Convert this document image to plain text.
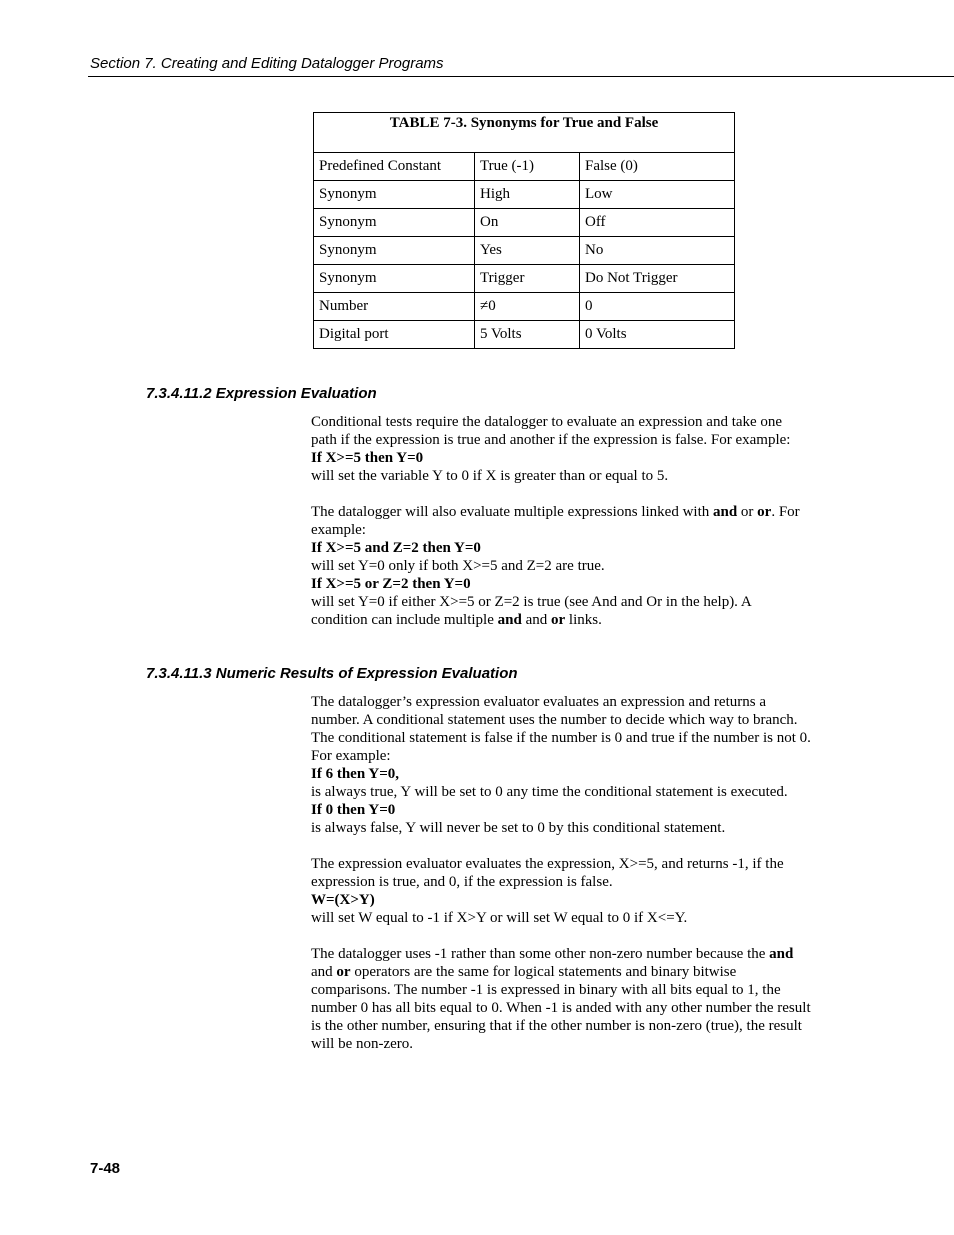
Section 7. Creating and Editing Datalogger Programs
TABLE 7-3. Synonyms for True and False		
Predefined Constant	True (-1)	False (0)
Synonym	High	Low
Synonym	On	Off
Synonym	Yes	No
Synonym	Trigger	Do Not Trigger
Number	≠0	0
Digital port	5 Volts	0 Volts
7.3.4.11.2 Expression Evaluation

Conditional tests require the datalogger to evaluate an expression and take one path if the expression is true and another if the expression is false. For example:

If X>=5 then Y=0

will set the variable Y to 0 if X is greater than or equal to 5.

The datalogger will also evaluate multiple expressions linked with and or or. For example:

If X>=5 and Z=2 then Y=0

will set Y=0 only if both X>=5 and Z=2 are true.

If X>=5 or Z=2 then Y=0

will set Y=0 if either X>=5 or Z=2 is true (see And and Or in the help). A condition can include multiple and and or links.

7.3.4.11.3 Numeric Results of Expression Evaluation

The datalogger’s expression evaluator evaluates an expression and returns a number. A conditional statement uses the number to decide which way to branch. The conditional statement is false if the number is 0 and true if the number is not 0. For example:

If 6 then Y=0,

is always true, Y will be set to 0 any time the conditional statement is executed.

If 0 then Y=0

is always false, Y will never be set to 0 by this conditional statement.

The expression evaluator evaluates the expression, X>=5, and returns -1, if the expression is true, and 0, if the expression is false.

W=(X>Y)

will set W equal to -1 if X>Y or will set W equal to 0 if X<=Y.

The datalogger uses -1 rather than some other non-zero number because the and and or operators are the same for logical statements and binary bitwise comparisons. The number -1 is expressed in binary with all bits equal to 1, the number 0 has all bits equal to 0. When -1 is anded with any other number the result is the other number, ensuring that if the other number is non-zero (true), the result will be non-zero.

7-48
